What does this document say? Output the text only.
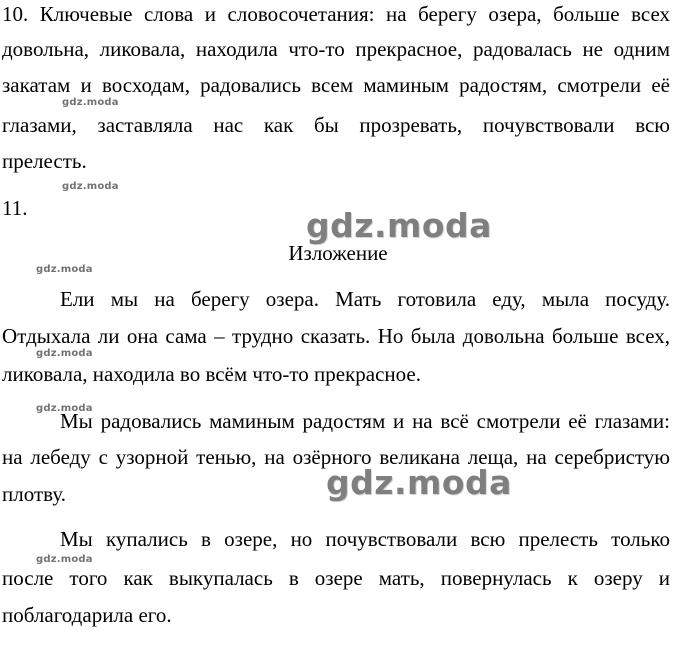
10. Ключевые слова и словосочетания: на берегу озера, больше всех
довольна, ликовала, находила что-то прекрасное, радовалась не одним
закатам и восходам, радовались всем маминым радостям, смотрели её
глазами, заставляла нас как бы прозревать, почувствовали всю
прелесть.
11.
Изложение
Ели мы на берегу озера. Мать готовила еду, мыла посуду.
Отдыхала ли она сама – трудно сказать. Но была довольна больше всех,
ликовала, находила во всём что-то прекрасное.
Мы радовались маминым радостям и на всё смотрели её глазами:
на лебеду с узорной тенью, на озёрного великана леща, на серебристую
плотву.
Мы купались в озере, но почувствовали всю прелесть только
после того как выкупалась в озере мать, повернулась к озеру и
поблагодарила его.
gdz.moda
gdz.moda
gdz.moda
gdz.moda
gdz.moda
gdz.moda
gdz.moda
gdz.moda
